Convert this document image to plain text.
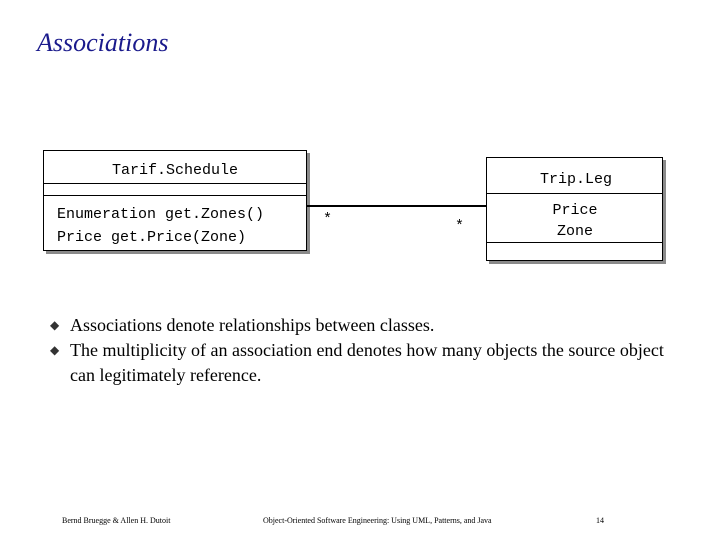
Associations
Tarif.Schedule
Enumeration get.Zones()
Price get.Price(Zone)
*	*
Trip.Leg
Price
Zone
◆ Associations denote relationships between classes.
◆ The multiplicity of an association end denotes how many objects the source object can legitimately reference.
Bernd Bruegge & Allen H. Dutoit	Object-Oriented Software Engineering: Using UML, Patterns, and Java	14
